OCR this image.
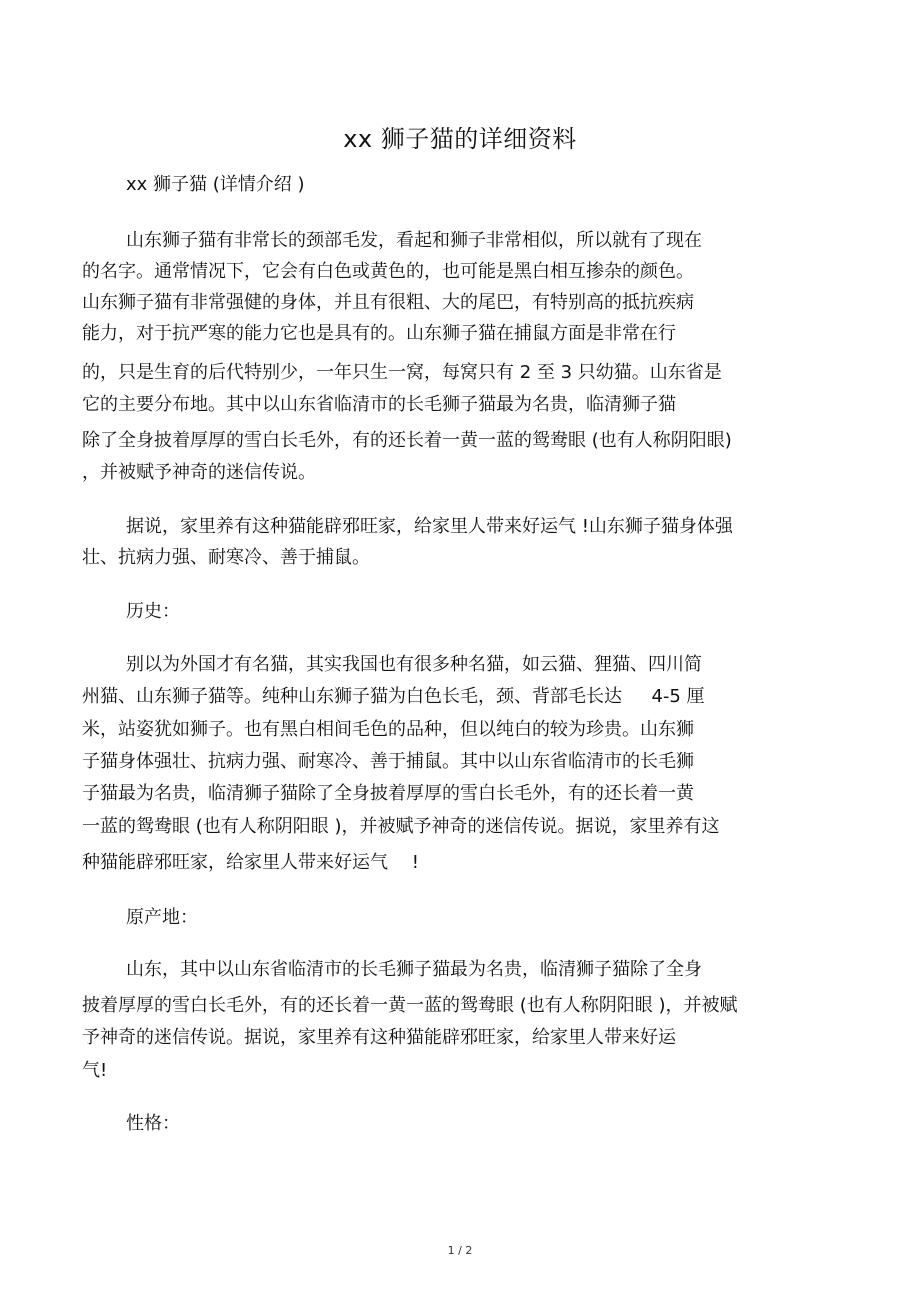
xx 狮子猫的详细资料
xx 狮子猫 (详情介绍 )
山东狮子猫有非常长的颈部毛发，看起和狮子非常相似，所以就有了现在
的名字。通常情况下，它会有白色或黄色的，也可能是黑白相互掺杂的颜色。
山东狮子猫有非常强健的身体，并且有很粗、大的尾巴，有特别高的抵抗疾病
能力，对于抗严寒的能力它也是具有的。山东狮子猫在捕鼠方面是非常在行
的，只是生育的后代特别少，一年只生一窝，每窝只有 2 至 3 只幼猫。山东省是
它的主要分布地。其中以山东省临清市的长毛狮子猫最为名贵，临清狮子猫
除了全身披着厚厚的雪白长毛外，有的还长着一黄一蓝的鸳鸯眼 (也有人称阴阳眼)
，并被赋予神奇的迷信传说。
据说，家里养有这种猫能辟邪旺家，给家里人带来好运气 !山东狮子猫身体强
壮、抗病力强、耐寒冷、善于捕鼠。
历史：
别以为外国才有名猫，其实我国也有很多种名猫，如云猫、狸猫、四川简
州猫、山东狮子猫等。纯种山东狮子猫为白色长毛，颈、背部毛长达 　 4-5 厘
米，站姿犹如狮子。也有黑白相间毛色的品种，但以纯白的较为珍贵。山东狮
子猫身体强壮、抗病力强、耐寒冷、善于捕鼠。其中以山东省临清市的长毛狮
子猫最为名贵，临清狮子猫除了全身披着厚厚的雪白长毛外，有的还长着一黄
一蓝的鸳鸯眼 (也有人称阴阳眼 )，并被赋予神奇的迷信传说。据说，家里养有这
种猫能辟邪旺家，给家里人带来好运气 　!
原产地：
山东，其中以山东省临清市的长毛狮子猫最为名贵，临清狮子猫除了全身
披着厚厚的雪白长毛外，有的还长着一黄一蓝的鸳鸯眼 (也有人称阴阳眼 )，并被赋
予神奇的迷信传说。据说，家里养有这种猫能辟邪旺家，给家里人带来好运
气!
性格：
1 / 2
